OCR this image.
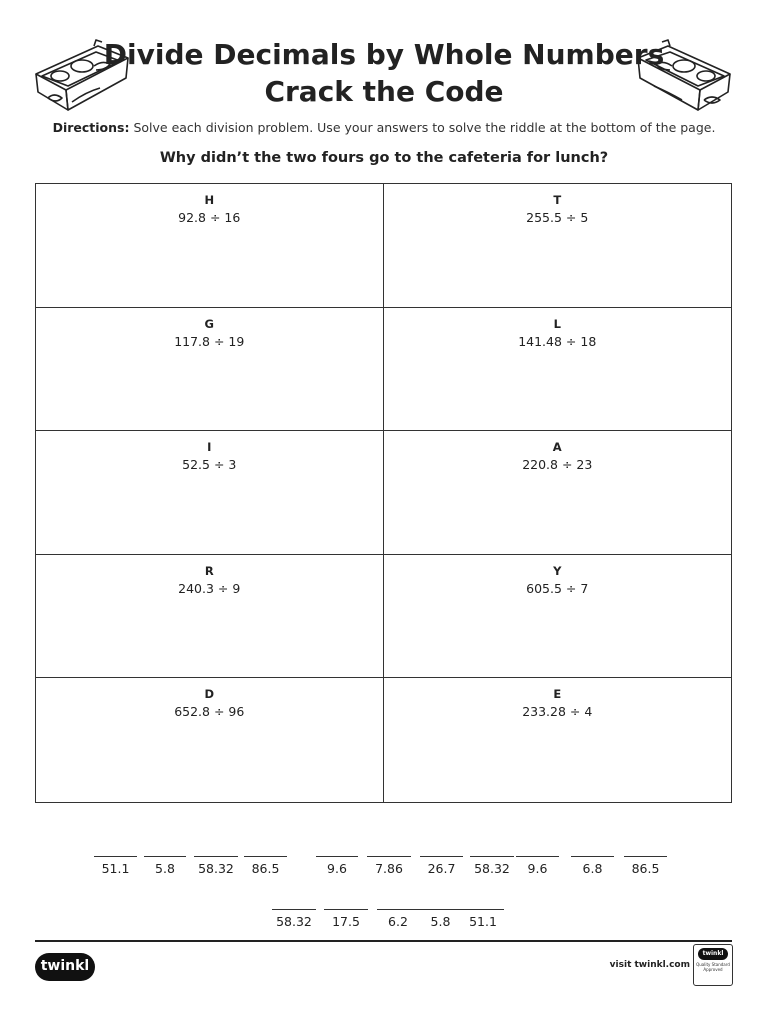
Divide Decimals by Whole Numbers
Crack the Code
Directions: Solve each division problem. Use your answers to solve the riddle at the bottom of the page.
Why didn’t the two fours go to the cafeteria for lunch?
H
92.8 ÷ 16
T
255.5 ÷ 5
G
117.8 ÷ 19
L
141.48 ÷ 18
I
52.5 ÷ 3
A
220.8 ÷ 23
R
240.3 ÷ 9
Y
605.5 ÷ 7
D
652.8 ÷ 96
E
233.28 ÷ 4
51.1	5.8	58.32	86.5	9.6	7.86	26.7	58.32	9.6	6.8	86.5
58.32	17.5	6.2	5.8	51.1
twinkl	visit twinkl.com
twinkl
Quality Standard Approved
